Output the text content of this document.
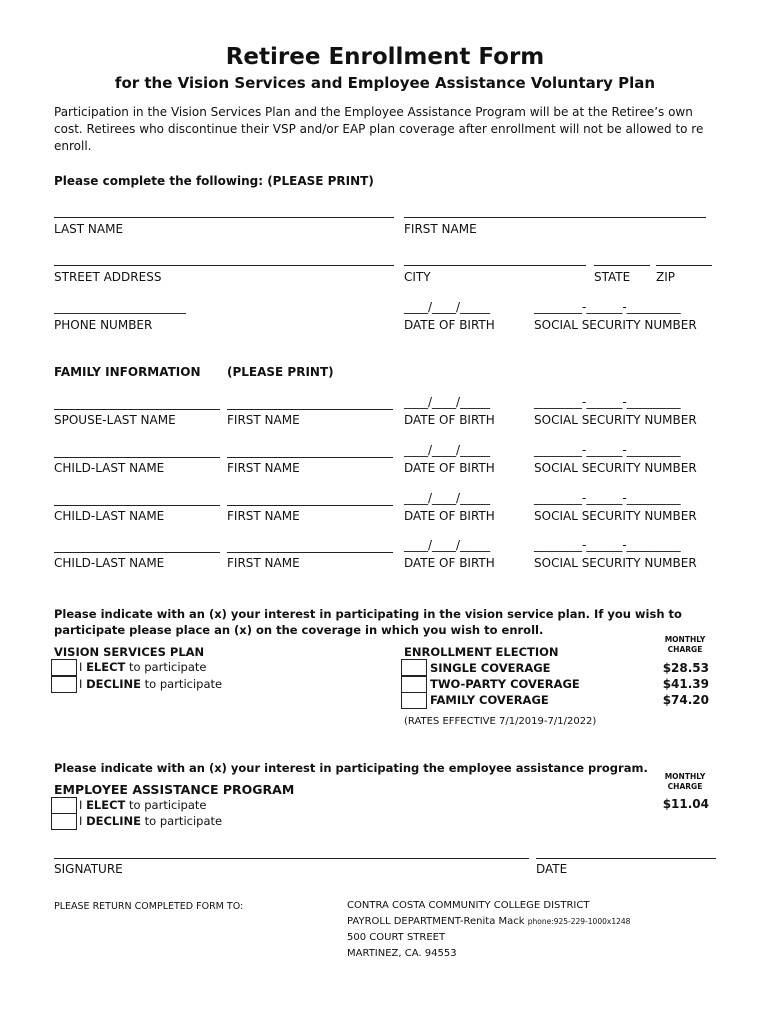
Retiree Enrollment Form
for the Vision Services and Employee Assistance Voluntary Plan
Participation in the Vision Services Plan and the Employee Assistance Program will be at the Retiree’s own cost. Retirees who discontinue their VSP and/or EAP plan coverage after enrollment will not be allowed to re enroll.
Please complete the following: (PLEASE PRINT)
LAST NAME	FIRST NAME
STREET ADDRESS	CITY	STATE ZIP
______________________	____/____/_____	________-______-_________
PHONE NUMBER	DATE OF BIRTH	SOCIAL SECURITY NUMBER
FAMILY INFORMATION (PLEASE PRINT)
____/____/_____	________-______-_________
SPOUSE-LAST NAME	FIRST NAME	DATE OF BIRTH	SOCIAL SECURITY NUMBER
____/____/_____	________-______-_________
CHILD-LAST NAME	FIRST NAME	DATE OF BIRTH	SOCIAL SECURITY NUMBER
____/____/_____	________-______-_________
CHILD-LAST NAME	FIRST NAME	DATE OF BIRTH	SOCIAL SECURITY NUMBER
____/____/_____	________-______-_________
CHILD-LAST NAME	FIRST NAME	DATE OF BIRTH	SOCIAL SECURITY NUMBER
Please indicate with an (x) your interest in participating in the vision service plan. If you wish to
participate please place an (x) on the coverage in which you wish to enroll.
MONTHLY
CHARGE
VISION SERVICES PLAN	ENROLLMENT ELECTION
I ELECT to participate
I DECLINE to participate
SINGLE COVERAGE	$28.53
TWO-PARTY COVERAGE	$41.39
FAMILY COVERAGE	$74.20
(RATES EFFECTIVE 7/1/2019-7/1/2022)
Please indicate with an (x) your interest in participating the employee assistance program.
MONTHLY
CHARGE
EMPLOYEE ASSISTANCE PROGRAM
$11.04
I ELECT to participate
I DECLINE to participate
SIGNATURE	DATE
PLEASE RETURN COMPLETED FORM TO:	CONTRA COSTA COMMUNITY COLLEGE DISTRICT
PAYROLL DEPARTMENT-Renita Mack phone:925-229-1000x1248
500 COURT STREET
MARTINEZ, CA. 94553
